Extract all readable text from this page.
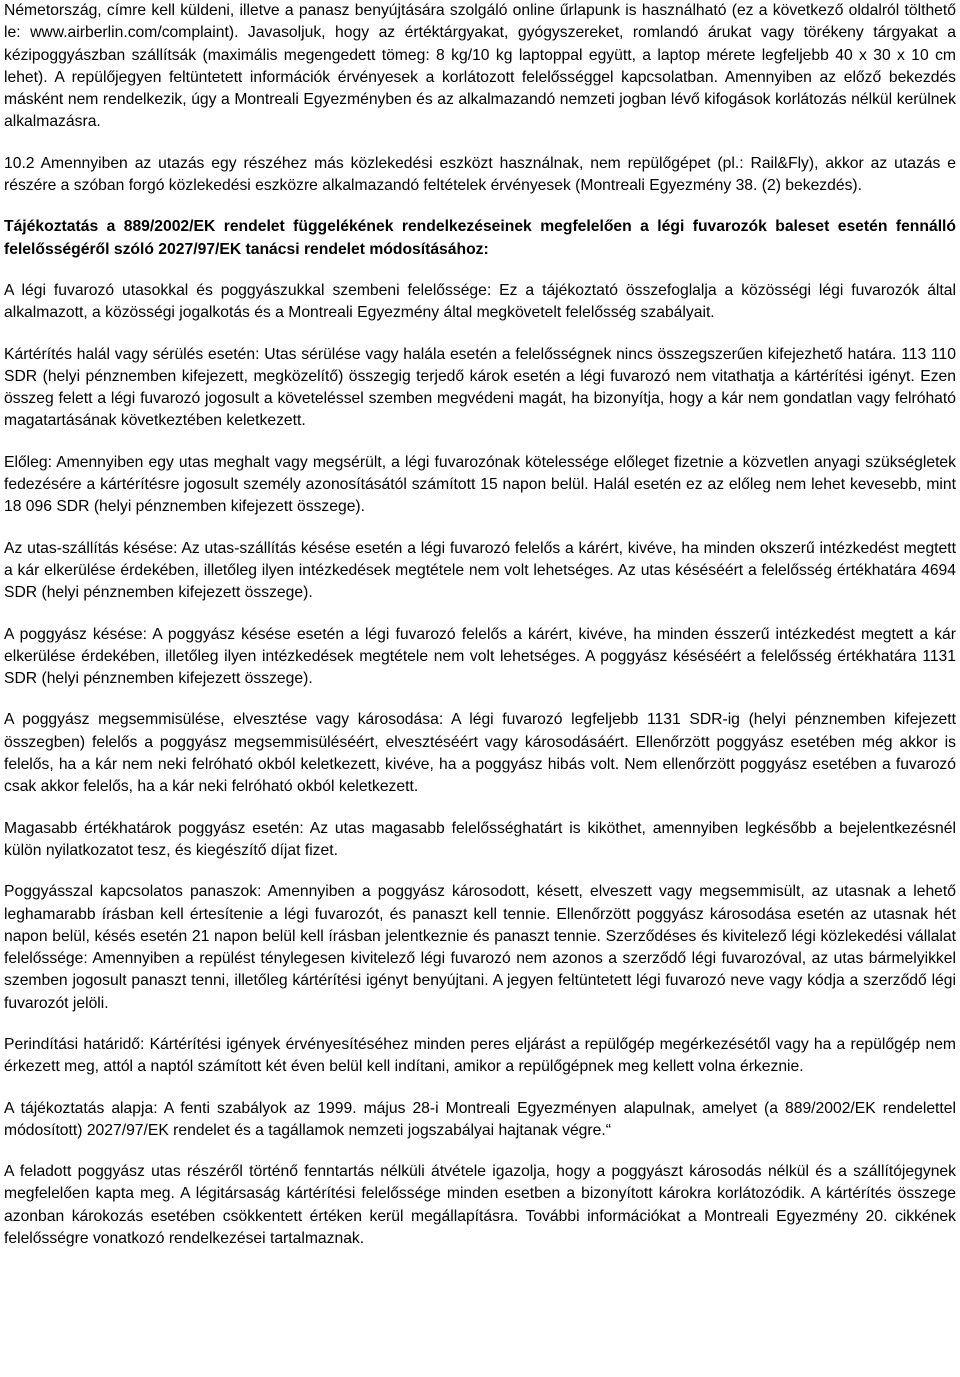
Németország, címre kell küldeni, illetve a panasz benyújtására szolgáló online űrlapunk is használható (ez a következő oldalról tölthető le: www.airberlin.com/complaint). Javasoljuk, hogy az értéktárgyakat, gyógyszereket, romlandó árukat vagy törékeny tárgyakat a kézipoggyászban szállítsák (maximális megengedett tömeg: 8 kg/10 kg laptoppal együtt, a laptop mérete legfeljebb 40 x 30 x 10 cm lehet). A repülőjegyen feltüntetett információk érvényesek a korlátozott felelősséggel kapcsolatban. Amennyiben az előző bekezdés másként nem rendelkezik, úgy a Montreali Egyezményben és az alkalmazandó nemzeti jogban lévő kifogások korlátozás nélkül kerülnek alkalmazásra.

10.2 Amennyiben az utazás egy részéhez más közlekedési eszközt használnak, nem repülőgépet (pl.: Rail&Fly), akkor az utazás e részére a szóban forgó közlekedési eszközre alkalmazandó feltételek érvényesek (Montreali Egyezmény 38. (2) bekezdés).

Tájékoztatás a 889/2002/EK rendelet függelékének rendelkezéseinek megfelelően a légi fuvarozók baleset esetén fennálló felelősségéről szóló 2027/97/EK tanácsi rendelet módosításához:

A légi fuvarozó utasokkal és poggyászukkal szembeni felelőssége: Ez a tájékoztató összefoglalja a közösségi légi fuvarozók által alkalmazott, a közösségi jogalkotás és a Montreali Egyezmény által megkövetelt felelősség szabályait.

Kártérítés halál vagy sérülés esetén: Utas sérülése vagy halála esetén a felelősségnek nincs összegszerűen kifejezhető határa. 113 110 SDR (helyi pénznemben kifejezett, megközelítő) összegig terjedő károk esetén a légi fuvarozó nem vitathatja a kártérítési igényt. Ezen összeg felett a légi fuvarozó jogosult a követeléssel szemben megvédeni magát, ha bizonyítja, hogy a kár nem gondatlan vagy felróható magatartásának következtében keletkezett.

Előleg: Amennyiben egy utas meghalt vagy megsérült, a légi fuvarozónak kötelessége előleget fizetnie a közvetlen anyagi szükségletek fedezésére a kártérítésre jogosult személy azonosításától számított 15 napon belül. Halál esetén ez az előleg nem lehet kevesebb, mint 18 096 SDR (helyi pénznemben kifejezett összege).

Az utas-szállítás késése: Az utas-szállítás késése esetén a légi fuvarozó felelős a kárért, kivéve, ha minden okszerű intézkedést megtett a kár elkerülése érdekében, illetőleg ilyen intézkedések megtétele nem volt lehetséges. Az utas késéséért a felelősség értékhatára 4694 SDR (helyi pénznemben kifejezett összege).

A poggyász késése: A poggyász késése esetén a légi fuvarozó felelős a kárért, kivéve, ha minden ésszerű intézkedést megtett a kár elkerülése érdekében, illetőleg ilyen intézkedések megtétele nem volt lehetséges. A poggyász késéséért a felelősség értékhatára 1131 SDR (helyi pénznemben kifejezett összege).

A poggyász megsemmisülése, elvesztése vagy károsodása: A légi fuvarozó legfeljebb 1131 SDR-ig (helyi pénznemben kifejezett összegben) felelős a poggyász megsemmisüléséért, elvesztéséért vagy károsodásáért. Ellenőrzött poggyász esetében még akkor is felelős, ha a kár nem neki felróható okból keletkezett, kivéve, ha a poggyász hibás volt. Nem ellenőrzött poggyász esetében a fuvarozó csak akkor felelős, ha a kár neki felróható okból keletkezett.

Magasabb értékhatárok poggyász esetén: Az utas magasabb felelősséghatárt is kiköthet, amennyiben legkésőbb a bejelentkezésnél külön nyilatkozatot tesz, és kiegészítő díjat fizet.

Poggyásszal kapcsolatos panaszok: Amennyiben a poggyász károsodott, késett, elveszett vagy megsemmisült, az utasnak a lehető leghamarabb írásban kell értesítenie a légi fuvarozót, és panaszt kell tennie. Ellenőrzött poggyász károsodása esetén az utasnak hét napon belül, késés esetén 21 napon belül kell írásban jelentkeznie és panaszt tennie. Szerződéses és kivitelező légi közlekedési vállalat felelőssége: Amennyiben a repülést ténylegesen kivitelező légi fuvarozó nem azonos a szerződő légi fuvarozóval, az utas bármelyikkel szemben jogosult panaszt tenni, illetőleg kártérítési igényt benyújtani. A jegyen feltüntetett légi fuvarozó neve vagy kódja a szerződő légi fuvarozót jelöli.

Perindítási határidő: Kártérítési igények érvényesítéséhez minden peres eljárást a repülőgép megérkezésétől vagy ha a repülőgép nem érkezett meg, attól a naptól számított két éven belül kell indítani, amikor a repülőgépnek meg kellett volna érkeznie.

A tájékoztatás alapja: A fenti szabályok az 1999. május 28-i Montreali Egyezményen alapulnak, amelyet (a 889/2002/EK rendelettel módosított) 2027/97/EK rendelet és a tagállamok nemzeti jogszabályai hajtanak végre.“

A feladott poggyász utas részéről történő fenntartás nélküli átvétele igazolja, hogy a poggyászt károsodás nélkül és a szállítójegynek megfelelően kapta meg. A légitársaság kártérítési felelőssége minden esetben a bizonyított károkra korlátozódik. A kártérítés összege azonban károkozás esetében csökkentett értéken kerül megállapításra. További információkat a Montreali Egyezmény 20. cikkének felelősségre vonatkozó rendelkezései tartalmaznak.
